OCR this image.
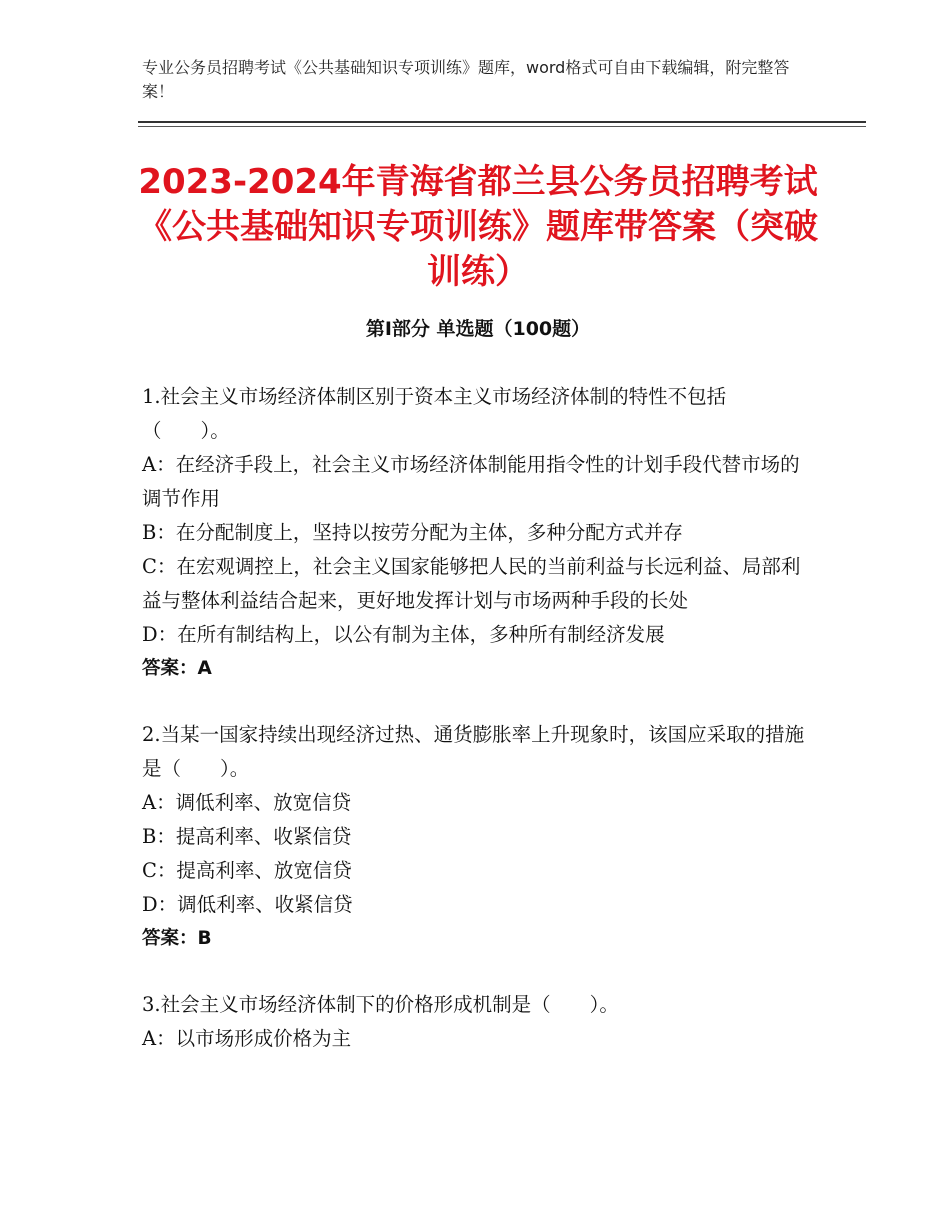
专业公务员招聘考试《公共基础知识专项训练》题库，word格式可自由下载编辑，附完整答案！
2023-2024年青海省都兰县公务员招聘考试《公共基础知识专项训练》题库带答案（突破训练）
第Ⅰ部分 单选题（100题）

1.社会主义市场经济体制区别于资本主义市场经济体制的特性不包括（　　）。

A：在经济手段上，社会主义市场经济体制能用指令性的计划手段代替市场的调节作用

B：在分配制度上，坚持以按劳分配为主体，多种分配方式并存

C：在宏观调控上，社会主义国家能够把人民的当前利益与长远利益、局部利益与整体利益结合起来，更好地发挥计划与市场两种手段的长处

D：在所有制结构上，以公有制为主体，多种所有制经济发展

答案：A

2.当某一国家持续出现经济过热、通货膨胀率上升现象时，该国应采取的措施是（　　）。

A：调低利率、放宽信贷

B：提高利率、收紧信贷

C：提高利率、放宽信贷

D：调低利率、收紧信贷

答案：B

3.社会主义市场经济体制下的价格形成机制是（　　）。

A：以市场形成价格为主
